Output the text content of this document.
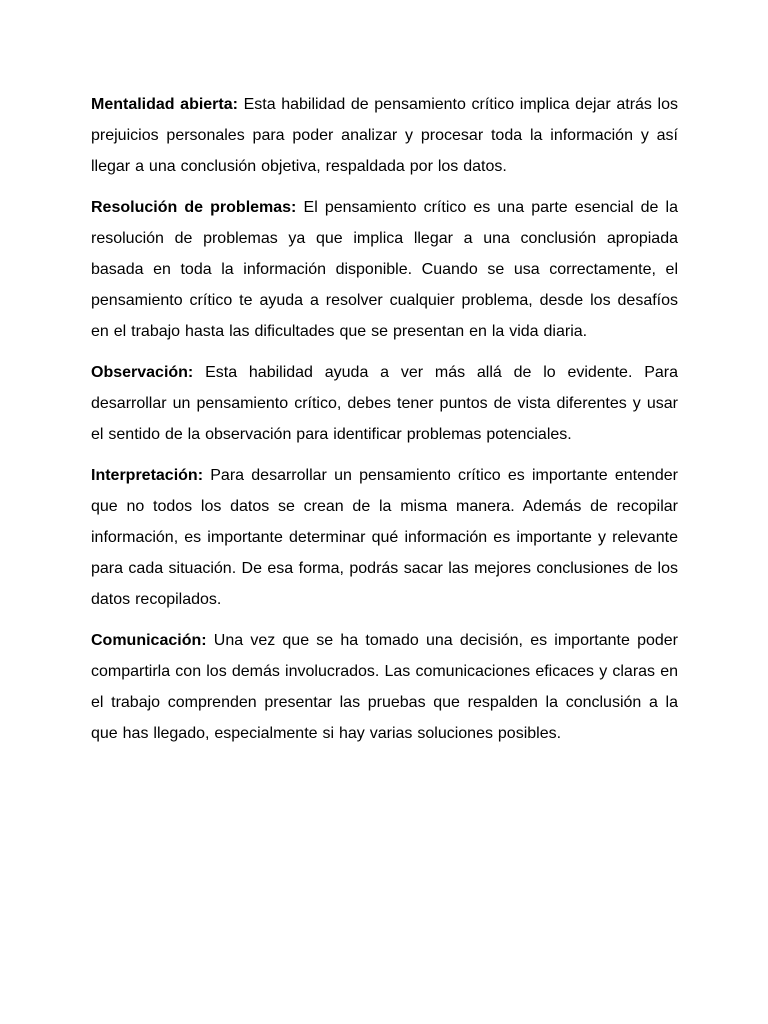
Mentalidad abierta: Esta habilidad de pensamiento crítico implica dejar atrás los prejuicios personales para poder analizar y procesar toda la información y así llegar a una conclusión objetiva, respaldada por los datos.

Resolución de problemas: El pensamiento crítico es una parte esencial de la resolución de problemas ya que implica llegar a una conclusión apropiada basada en toda la información disponible. Cuando se usa correctamente, el pensamiento crítico te ayuda a resolver cualquier problema, desde los desafíos en el trabajo hasta las dificultades que se presentan en la vida diaria.

Observación: Esta habilidad ayuda a ver más allá de lo evidente. Para desarrollar un pensamiento crítico, debes tener puntos de vista diferentes y usar el sentido de la observación para identificar problemas potenciales.

Interpretación: Para desarrollar un pensamiento crítico es importante entender que no todos los datos se crean de la misma manera. Además de recopilar información, es importante determinar qué información es importante y relevante para cada situación. De esa forma, podrás sacar las mejores conclusiones de los datos recopilados.

Comunicación: Una vez que se ha tomado una decisión, es importante poder compartirla con los demás involucrados. Las comunicaciones eficaces y claras en el trabajo comprenden presentar las pruebas que respalden la conclusión a la que has llegado, especialmente si hay varias soluciones posibles.
